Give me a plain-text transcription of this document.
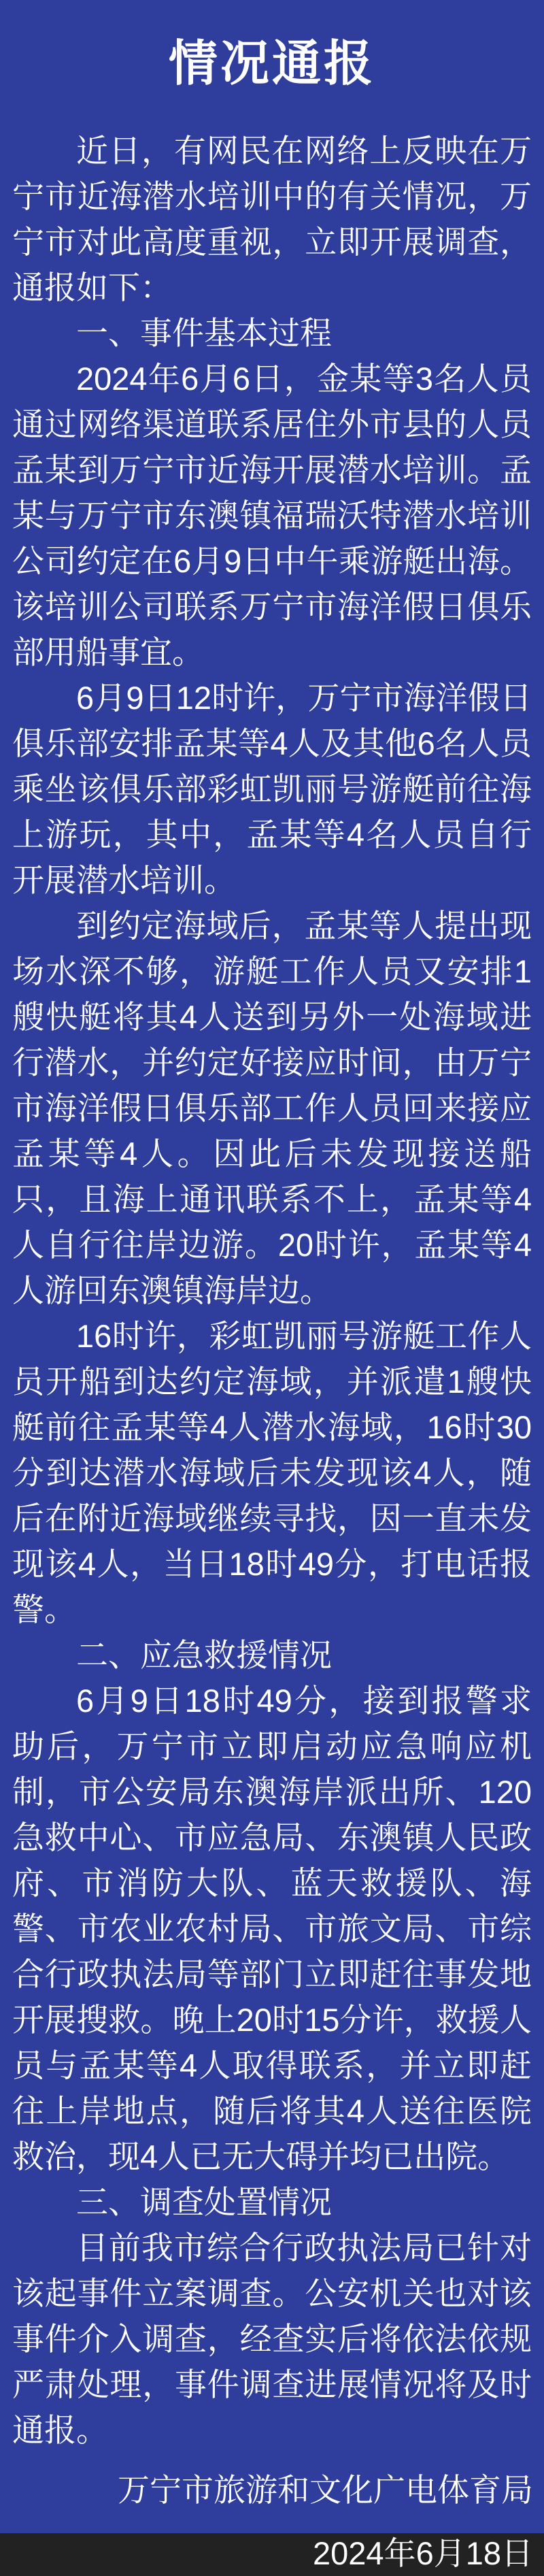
情况通报

近日，有网民在网络上反映在万宁市近海潜水培训中的有关情况，万宁市对此高度重视，立即开展调查，通报如下：

一、事件基本过程

2024年6月6日，金某等3名人员通过网络渠道联系居住外市县的人员孟某到万宁市近海开展潜水培训。孟某与万宁市东澳镇福瑞沃特潜水培训公司约定在6月9日中午乘游艇出海。该培训公司联系万宁市海洋假日俱乐部用船事宜。

6月9日12时许，万宁市海洋假日俱乐部安排孟某等4人及其他6名人员乘坐该俱乐部彩虹凯丽号游艇前往海上游玩，其中，孟某等4名人员自行开展潜水培训。

到约定海域后，孟某等人提出现场水深不够，游艇工作人员又安排1艘快艇将其4人送到另外一处海域进行潜水，并约定好接应时间，由万宁市海洋假日俱乐部工作人员回来接应孟某等4人。因此后未发现接送船只，且海上通讯联系不上，孟某等4人自行往岸边游。20时许，孟某等4人游回东澳镇海岸边。

16时许，彩虹凯丽号游艇工作人员开船到达约定海域，并派遣1艘快艇前往孟某等4人潜水海域，16时30分到达潜水海域后未发现该4人，随后在附近海域继续寻找，因一直未发现该4人，当日18时49分，打电话报警。

二、应急救援情况

6月9日18时49分，接到报警求助后，万宁市立即启动应急响应机制，市公安局东澳海岸派出所、120急救中心、市应急局、东澳镇人民政府、市消防大队、蓝天救援队、海警、市农业农村局、市旅文局、市综合行政执法局等部门立即赶往事发地开展搜救。晚上20时15分许，救援人员与孟某等4人取得联系，并立即赶往上岸地点，随后将其4人送往医院救治，现4人已无大碍并均已出院。

三、调查处置情况

目前我市综合行政执法局已针对该起事件立案调查。公安机关也对该事件介入调查，经查实后将依法依规严肃处理，事件调查进展情况将及时通报。

万宁市旅游和文化广电体育局
2024年6月18日
